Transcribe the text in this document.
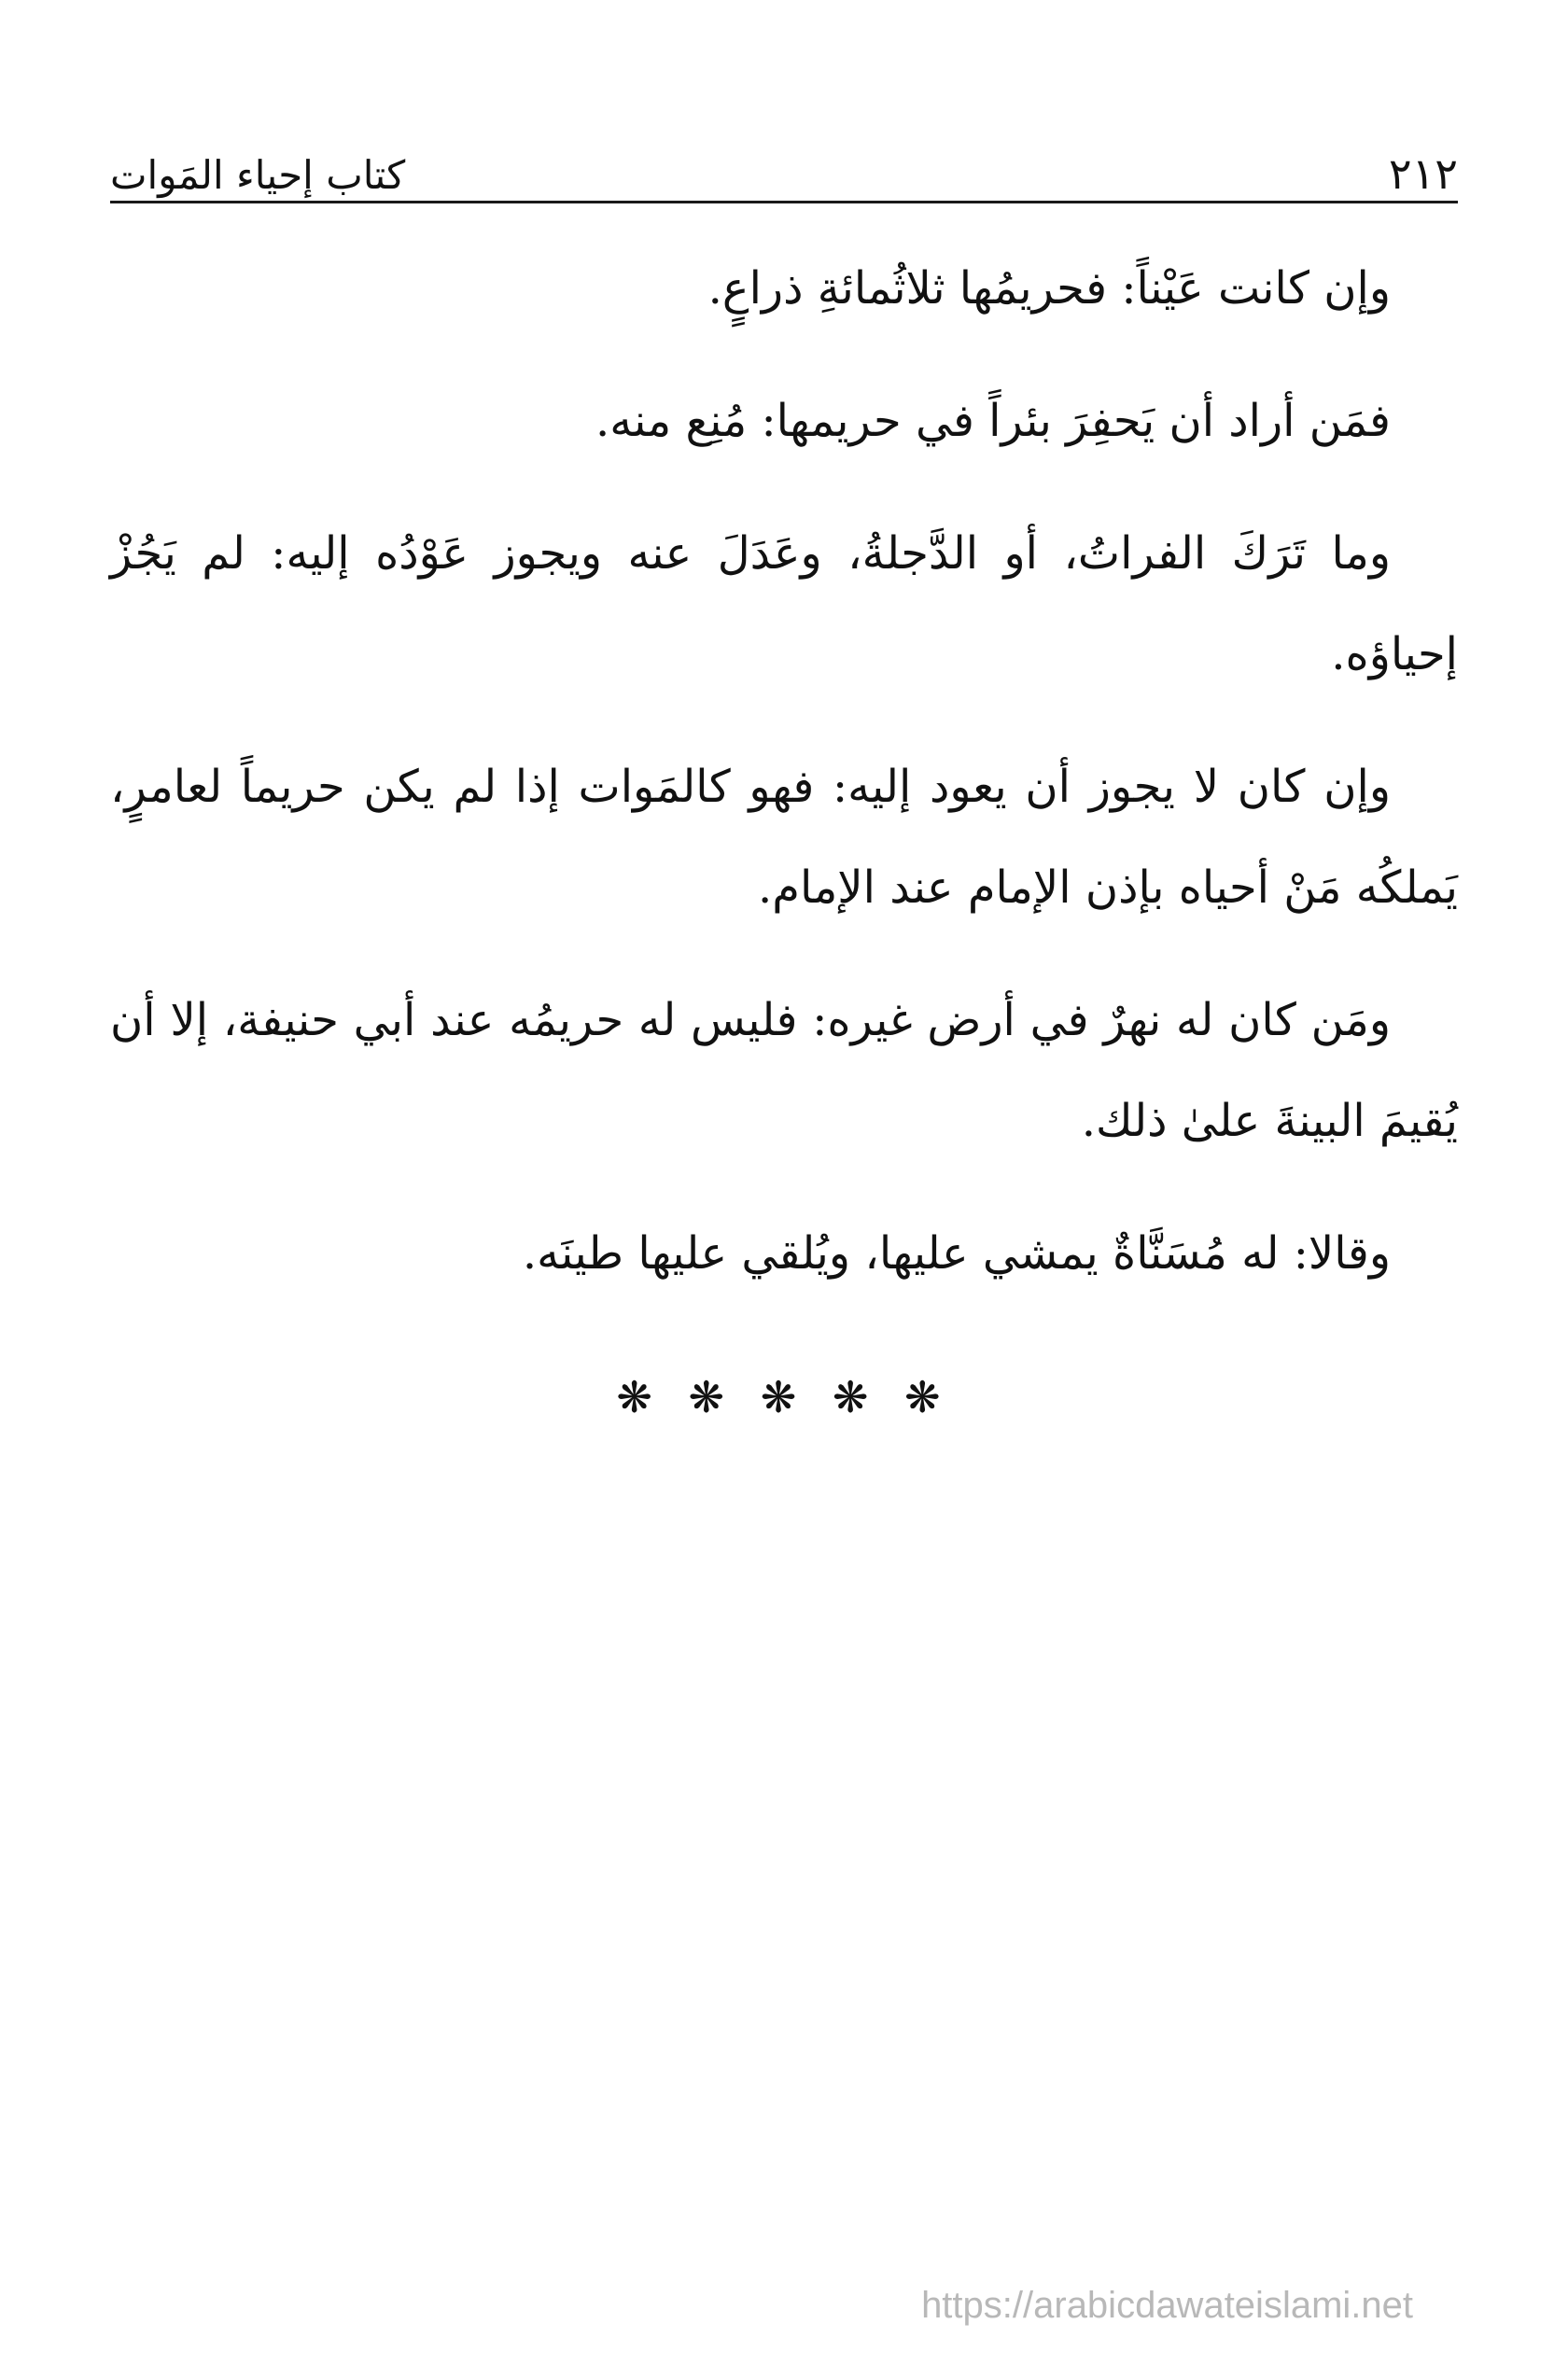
٢١٢
كتاب إحياء المَوات

وإن كانت عَيْناً: فحريمُها ثلاثُمائةِ ذراعٍ.

فمَن أراد أن يَحفِرَ بئراً في حريمها: مُنِع منه.

وما تَرَكَ الفراتُ، أو الدَّجلةُ، وعَدَلَ عنه ويجوز عَوْدُه إليه: لم يَجُزْ إحياؤه.

وإن كان لا يجوز أن يعود إليه: فهو كالمَوات إذا لم يكن حريماً لعامرٍ، يَملكُه مَنْ أحياه بإذن الإمام عند الإمام.

ومَن كان له نهرٌ في أرض غيره: فليس له حريمُه عند أبي حنيفة، إلا أن يُقيمَ البينةَ علىٰ ذلك.

وقالا: له مُسَنَّاةٌ يمشي عليها، ويُلقي عليها طينَه.

❋ ❋ ❋ ❋ ❋
https://arabicdawateislami.net
